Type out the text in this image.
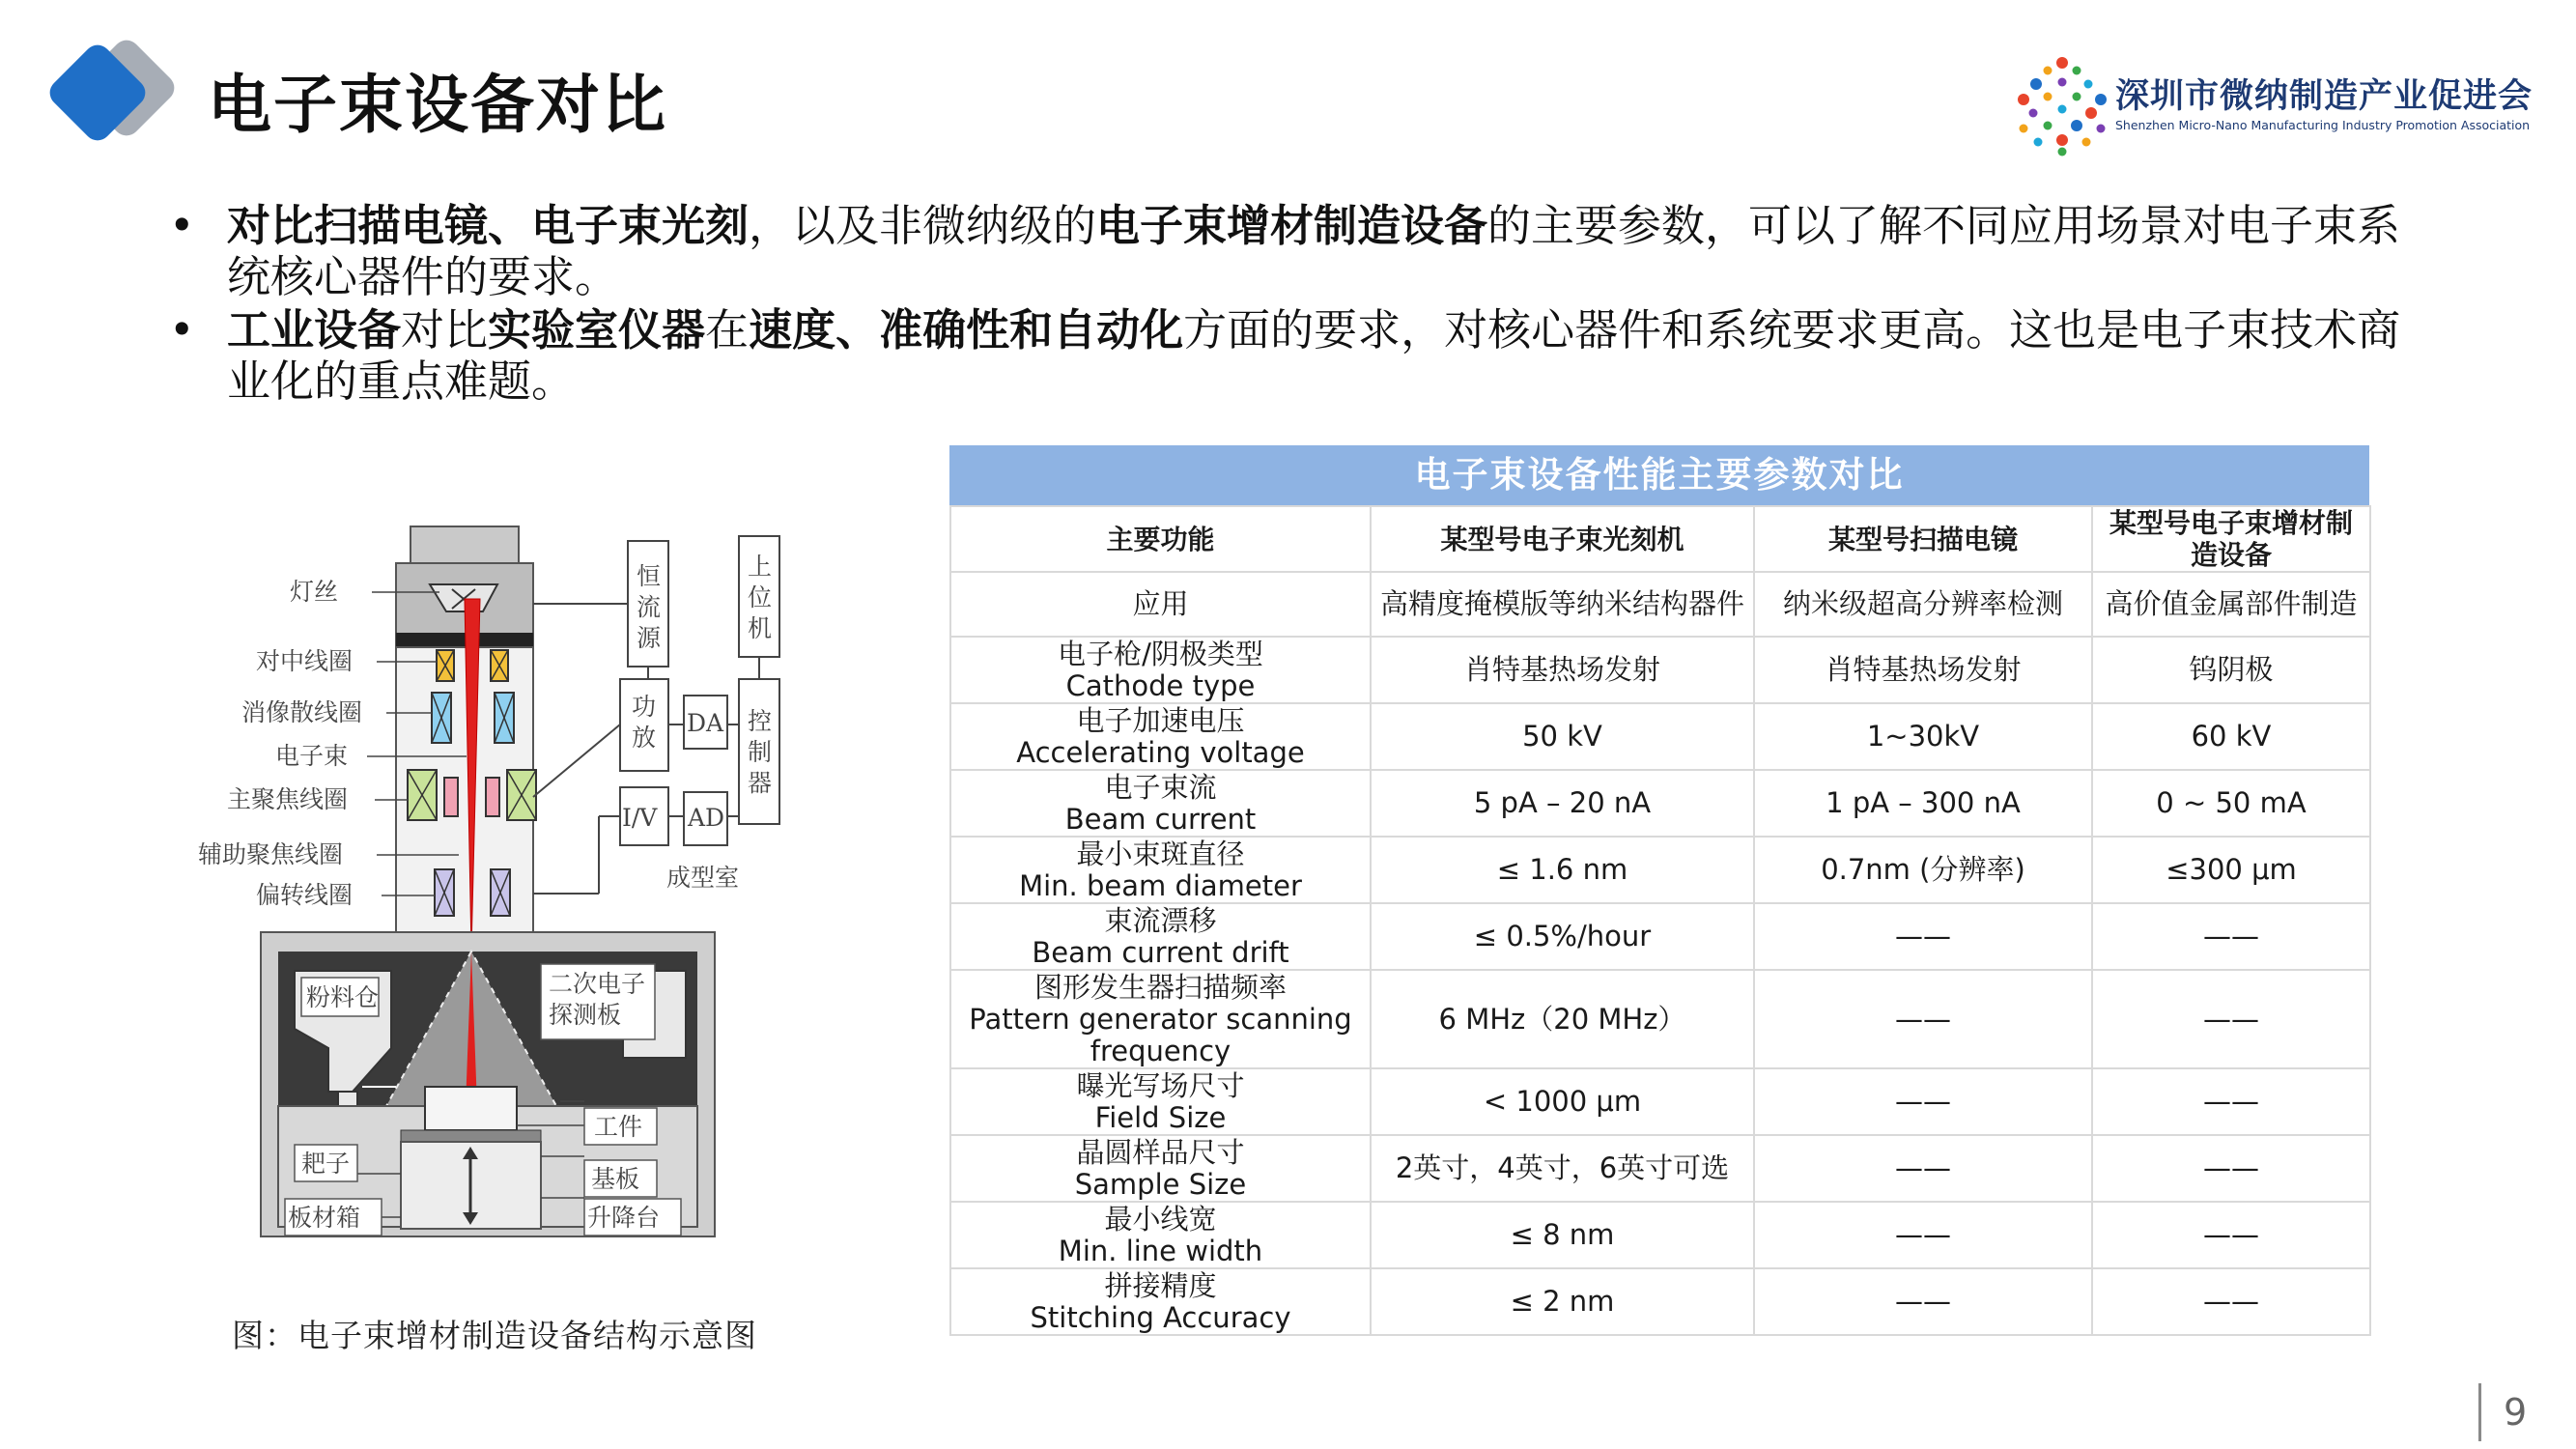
电子束设备对比	深圳市微纳制造产业促进会
Shenzhen Micro-Nano Manufacturing Industry Promotion Association
• 对比扫描电镜、电子束光刻，以及非微纳级的电子束增材制造设备的主要参数，可以了解不同应用场景对电子束系统核心器件的要求。
• 工业设备对比实验室仪器在速度、准确性和自动化方面的要求，对核心器件和系统要求更高。这也是电子束技术商业化的重点难题。
灯丝
对中线圈
消像散线圈
电子束
主聚焦线圈
辅助聚焦线圈
偏转线圈
恒流源
上位机
功放
DA 控制器
I/V AD
成型室
粉料仓	二次电子探测板
工件
耙子
基板
板材箱	升降台
图：电子束增材制造设备结构示意图
电子束设备性能主要参数对比
主要功能	某型号电子束光刻机	某型号扫描电镜	某型号电子束增材制造设备

应用	高精度掩模版等纳米结构器件	纳米级超高分辨率检测	高价值金属部件制造

电子枪/阴极类型
Cathode type	肖特基热场发射	肖特基热场发射	钨阴极

电子加速电压
Accelerating voltage	50 kV	1~30kV	60 kV

电子束流
Beam current	5 pA – 20 nA	1 pA – 300 nA	0 ~ 50 mA

最小束斑直径
Min. beam diameter	≤ 1.6 nm	0.7nm (分辨率)	≤300 μm

束流漂移
Beam current drift	≤ 0.5%/hour	——	——

图形发生器扫描频率
Pattern generator scanning frequency	6 MHz（20 MHz）	——	——

曝光写场尺寸
Field Size	< 1000 μm	——	——

晶圆样品尺寸
Sample Size	2英寸，4英寸，6英寸可选	——	——

最小线宽
Min. line width	≤ 8 nm	——	——

拼接精度
Stitching Accuracy	≤ 2 nm	——	——
9
